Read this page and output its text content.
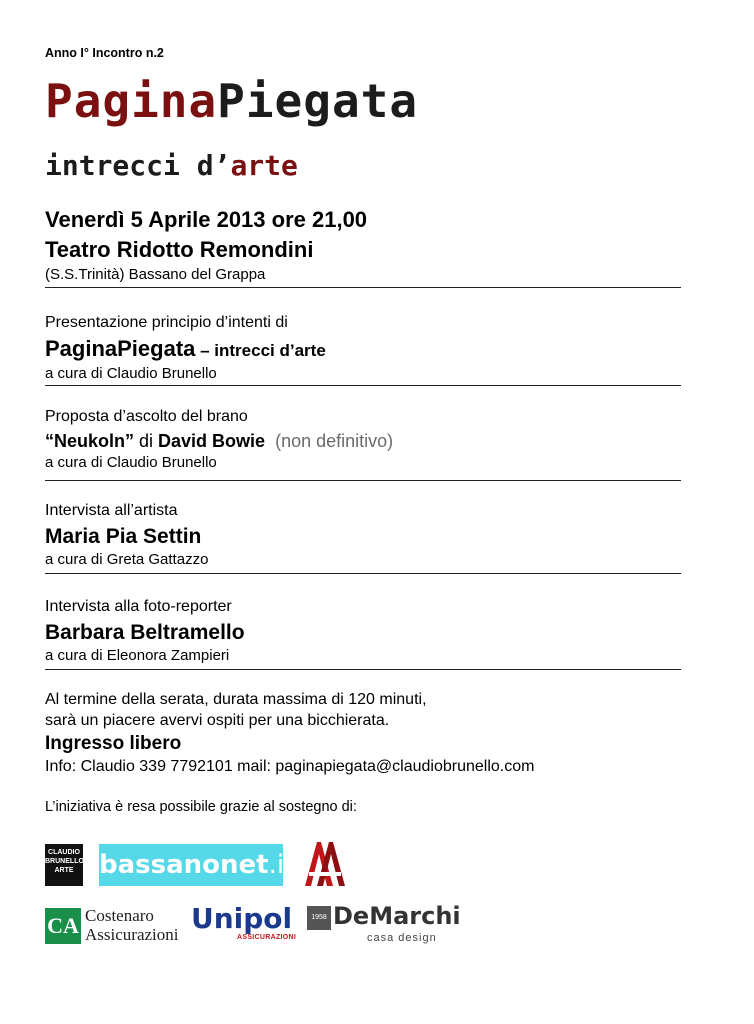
Anno I° Incontro n.2
PaginaPiegata
intrecci d’arte
Venerdì 5 Aprile 2013 ore 21,00
Teatro Ridotto Remondini
(S.S.Trinità) Bassano del Grappa
Presentazione principio d’intenti di
PaginaPiegata – intrecci d’arte
a cura di Claudio Brunello
Proposta d’ascolto del brano
“Neukoln” di David Bowie (non definitivo)
a cura di Claudio Brunello
Intervista all’artista
Maria Pia Settin
a cura di Greta Gattazzo
Intervista alla foto-reporter
Barbara Beltramello
a cura di Eleonora Zampieri
Al termine della serata, durata massima di 120 minuti,
sarà un piacere avervi ospiti per una bicchierata.
Ingresso libero
Info: Claudio 339 7792101 mail: paginapiegata@claudiobrunello.com
L’iniziativa è resa possibile grazie al sostegno di:
CLAUDIO
BRUNELLO
ARTE bassanonet.it
CA Costenaro
Assicurazioni Unipol
ASSICURAZIONI
1958 DeMarchi
casa design
